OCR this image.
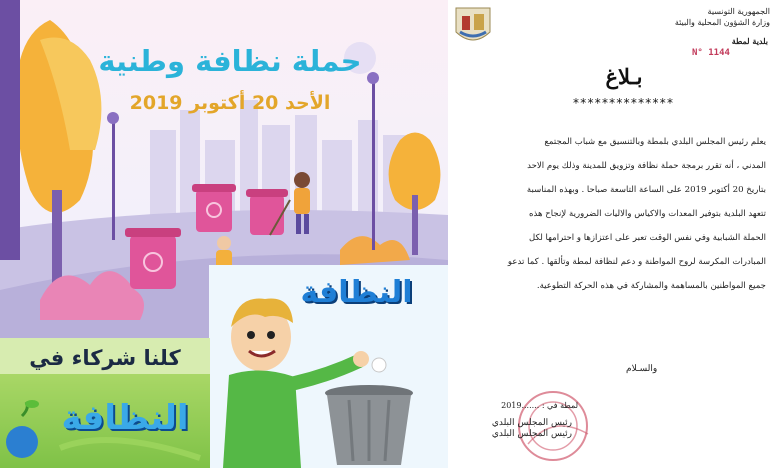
حملة نظافة وطنية
الأحد 20 أكتوبر 2019
النظافة
كلنا شركاء في
النظافة
الجمهورية التونسية
وزارة الشؤون المحلية والبيئة
بلدية لمطة
N° 1144
بـلاغ
**************

يعلم رئيس المجلس البلدي بلمطة وبالتنسيق مع شباب المجتمع

المدني ، أنه تقرر برمجة حملة نظافة وتزويق للمدينة وذلك يوم الاحد

بتاريخ 20 أكتوبر 2019 على الساعة التاسعة صباحا . وبهذه المناسبة

تتعهد البلدية بتوفير المعدات والاكياس والاليات الضرورية لإنجاح هذه

الحملة الشبابية وفي نفس الوقت تعبر على اعتزازها و احترامها لكل

المبادرات المكرسة لروح المواطنة و دعم لنظافة لمطة وتألقها . كما تدعو

جميع المواطنين بالمساهمة والمشاركة في هذه الحركة التطوعية.

والسـلام
لمطة في : .......2019
رئيس المجلس البلدي
رئيس المجلس البلدي
